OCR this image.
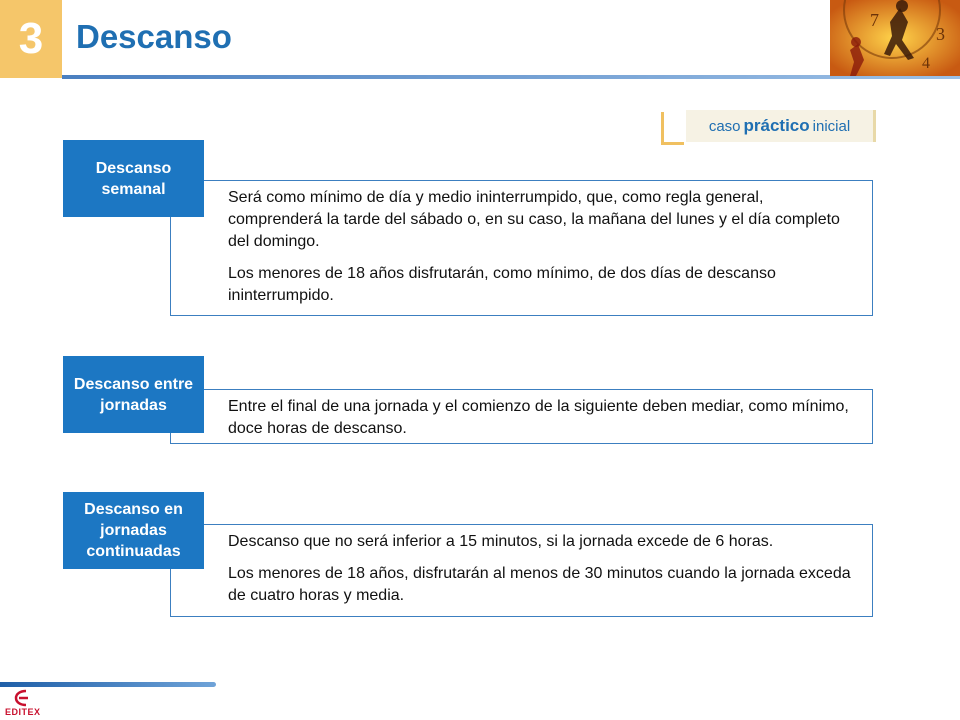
3 Descanso	7
3
4
caso práctico inicial

Será como mínimo de día y medio ininterrumpido, que, como regla general, comprenderá la tarde del sábado o, en su caso, la mañana del lunes y el día completo del domingo.

Los menores de 18 años disfrutarán, como mínimo, de dos días de descanso ininterrumpido.

Descanso semanal

Entre el final de una jornada y el comienzo de la siguiente deben mediar, como mínimo, doce horas de descanso.

Descanso entre jornadas

Descanso que no será inferior a 15 minutos, si la jornada excede de 6 horas.

Los menores de 18 años, disfrutarán al menos de 30 minutos cuando la jornada exceda de cuatro horas y media.

Descanso en jornadas continuadas
EDITEX
